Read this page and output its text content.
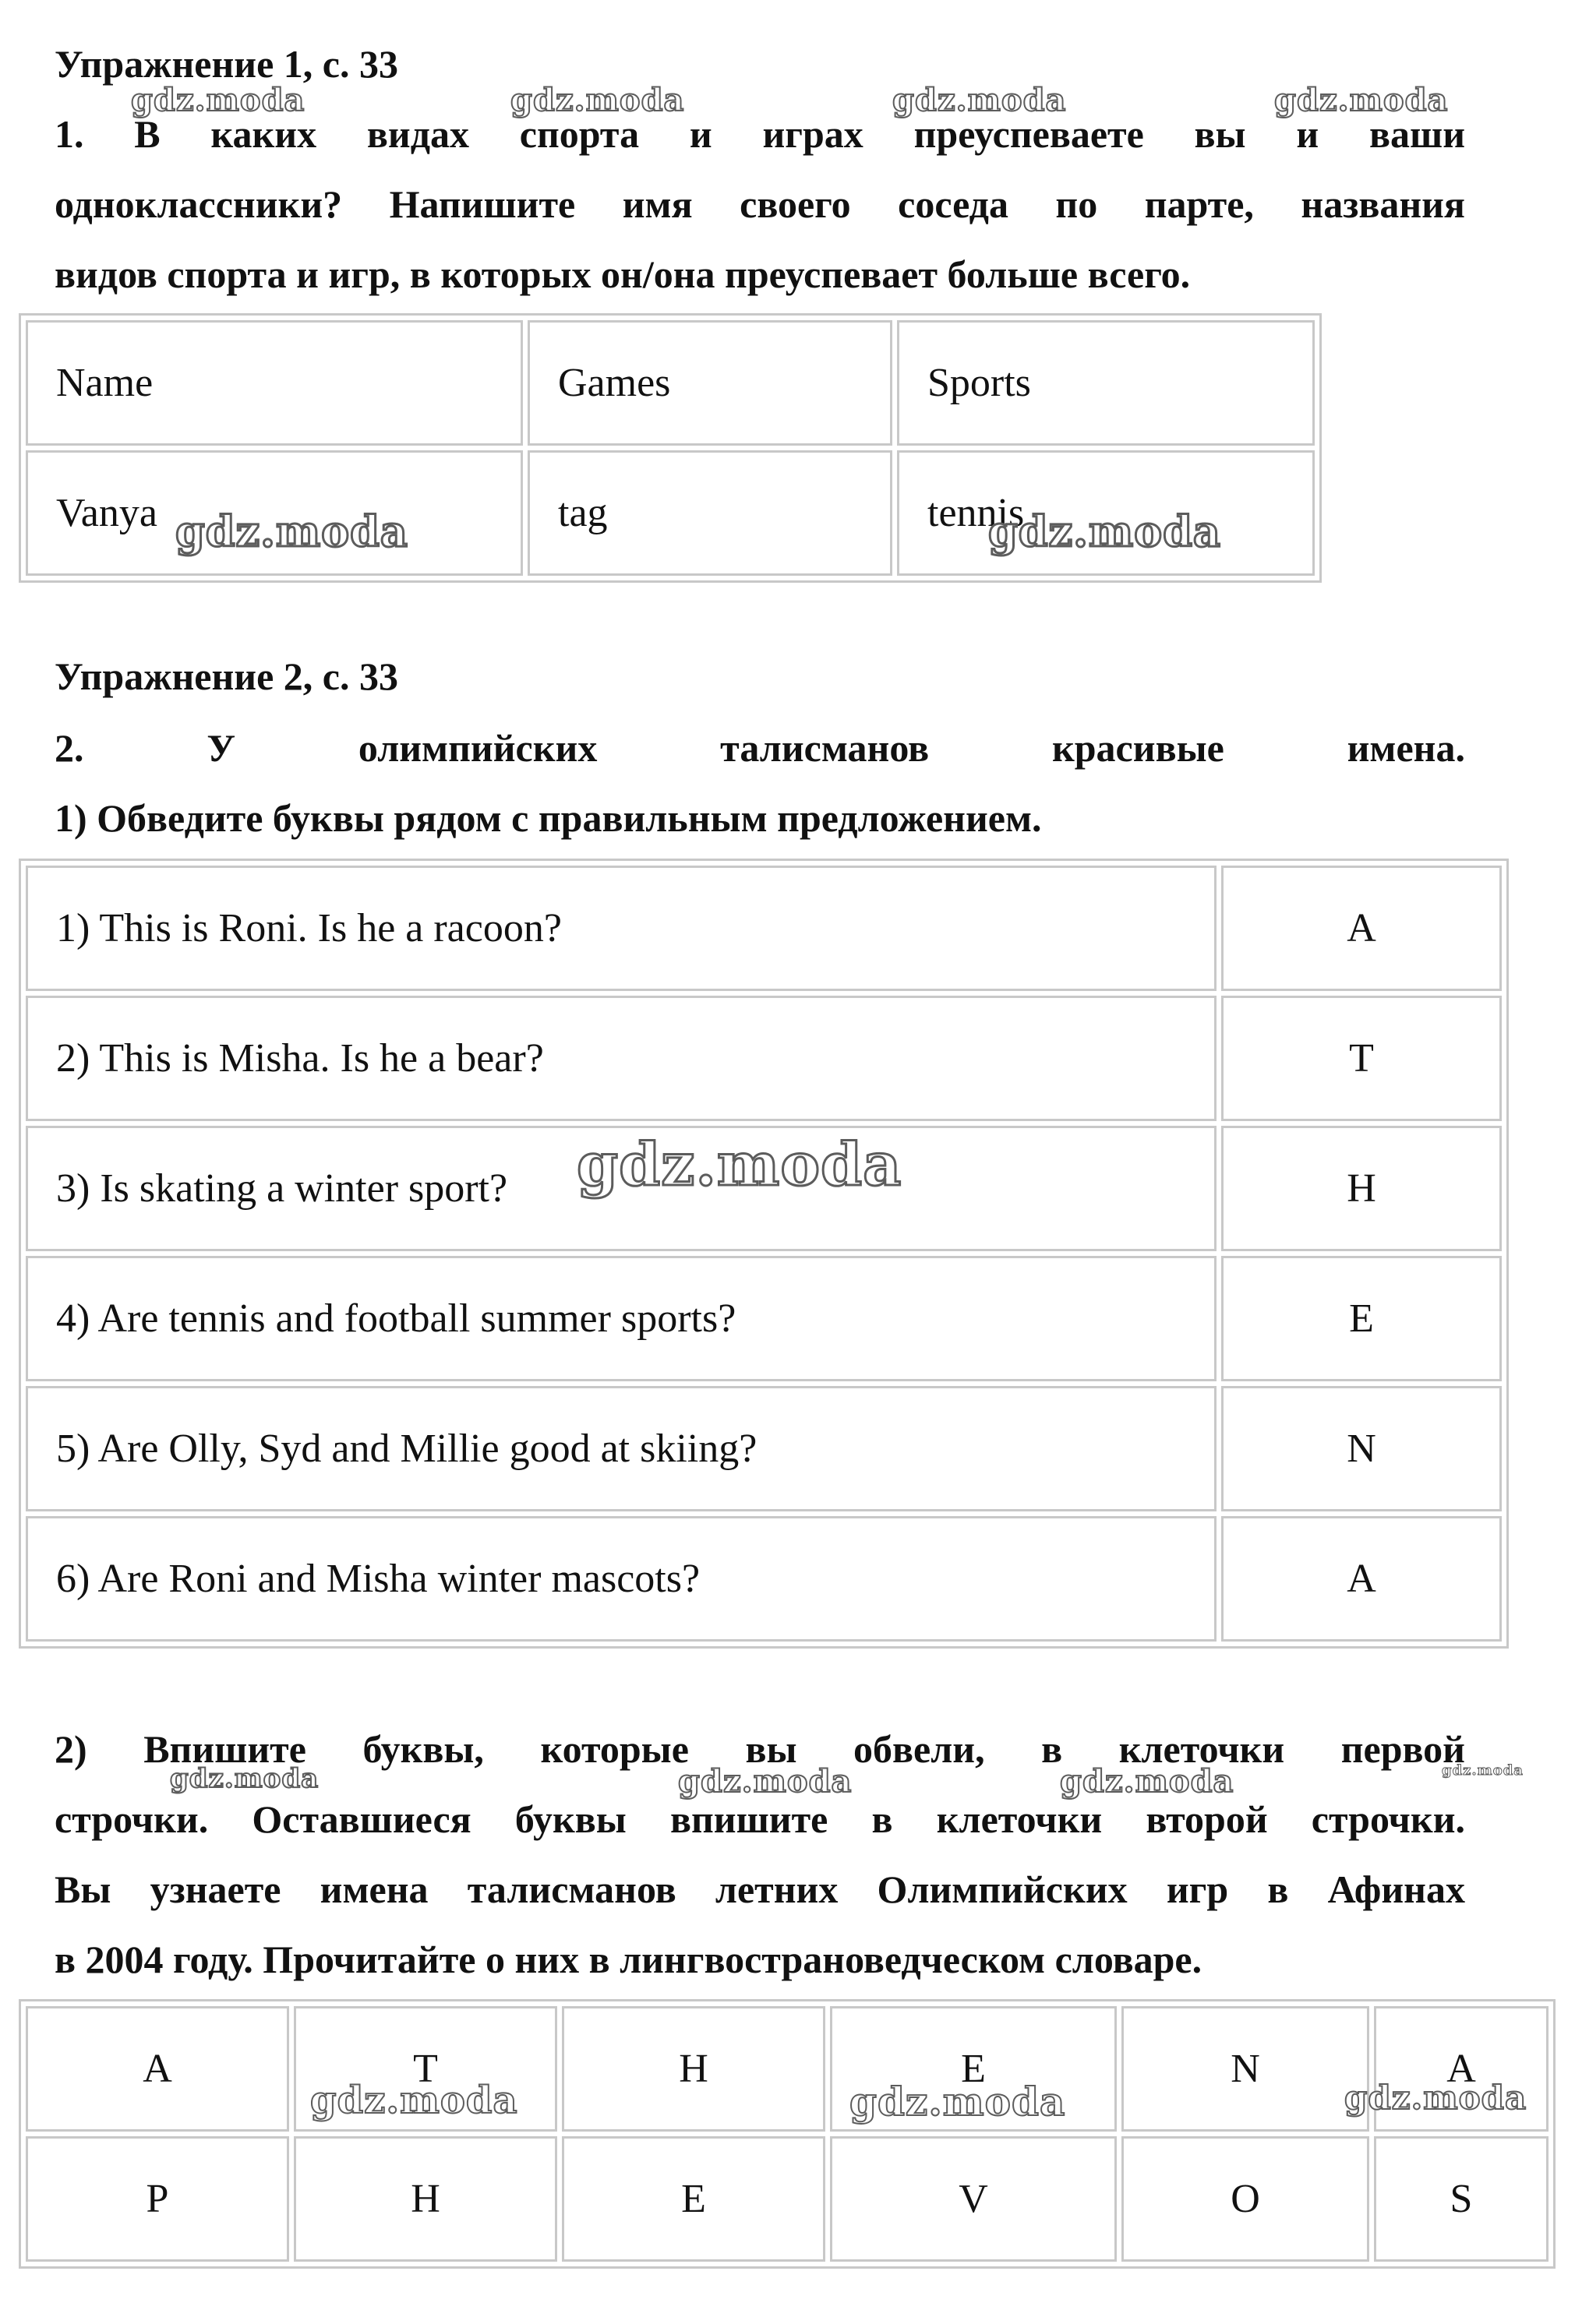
Упражнение 1, с. 33
1. В каких видах спорта и играх преуспеваете вы и ваши
одноклассники? Напишите имя своего соседа по парте, названия
видов спорта и игр, в которых он/она преуспевает больше всего.
Name	Games	Sports
Vanya	tag	tennis
Упражнение 2, с. 33
2. У олимпийских талисманов красивые имена.
1) Обведите буквы рядом с правильным предложением.
1) This is Roni. Is he a racoon?	A
2) This is Misha. Is he a bear?	T
3) Is skating a winter sport?	H
4) Are tennis and football summer sports?	E
5) Are Olly, Syd and Millie good at skiing?	N
6) Are Roni and Misha winter mascots?	A
2) Впишите буквы, которые вы обвели, в клеточки первой
строчки. Оставшиеся буквы впишите в клеточки второй строчки.
Вы узнаете имена талисманов летних Олимпийских игр в Афинах
в 2004 году. Прочитайте о них в лингвострановедческом словаре.
A	T	H	E	N	A
P	H	E	V	O	S
gdz.moda	gdz.moda	gdz.moda	gdz.moda
gdz.moda	gdz.moda
gdz.moda
gdz.moda	gdz.moda	gdz.moda	gdz.moda
gdz.moda	gdz.moda	gdz.moda
